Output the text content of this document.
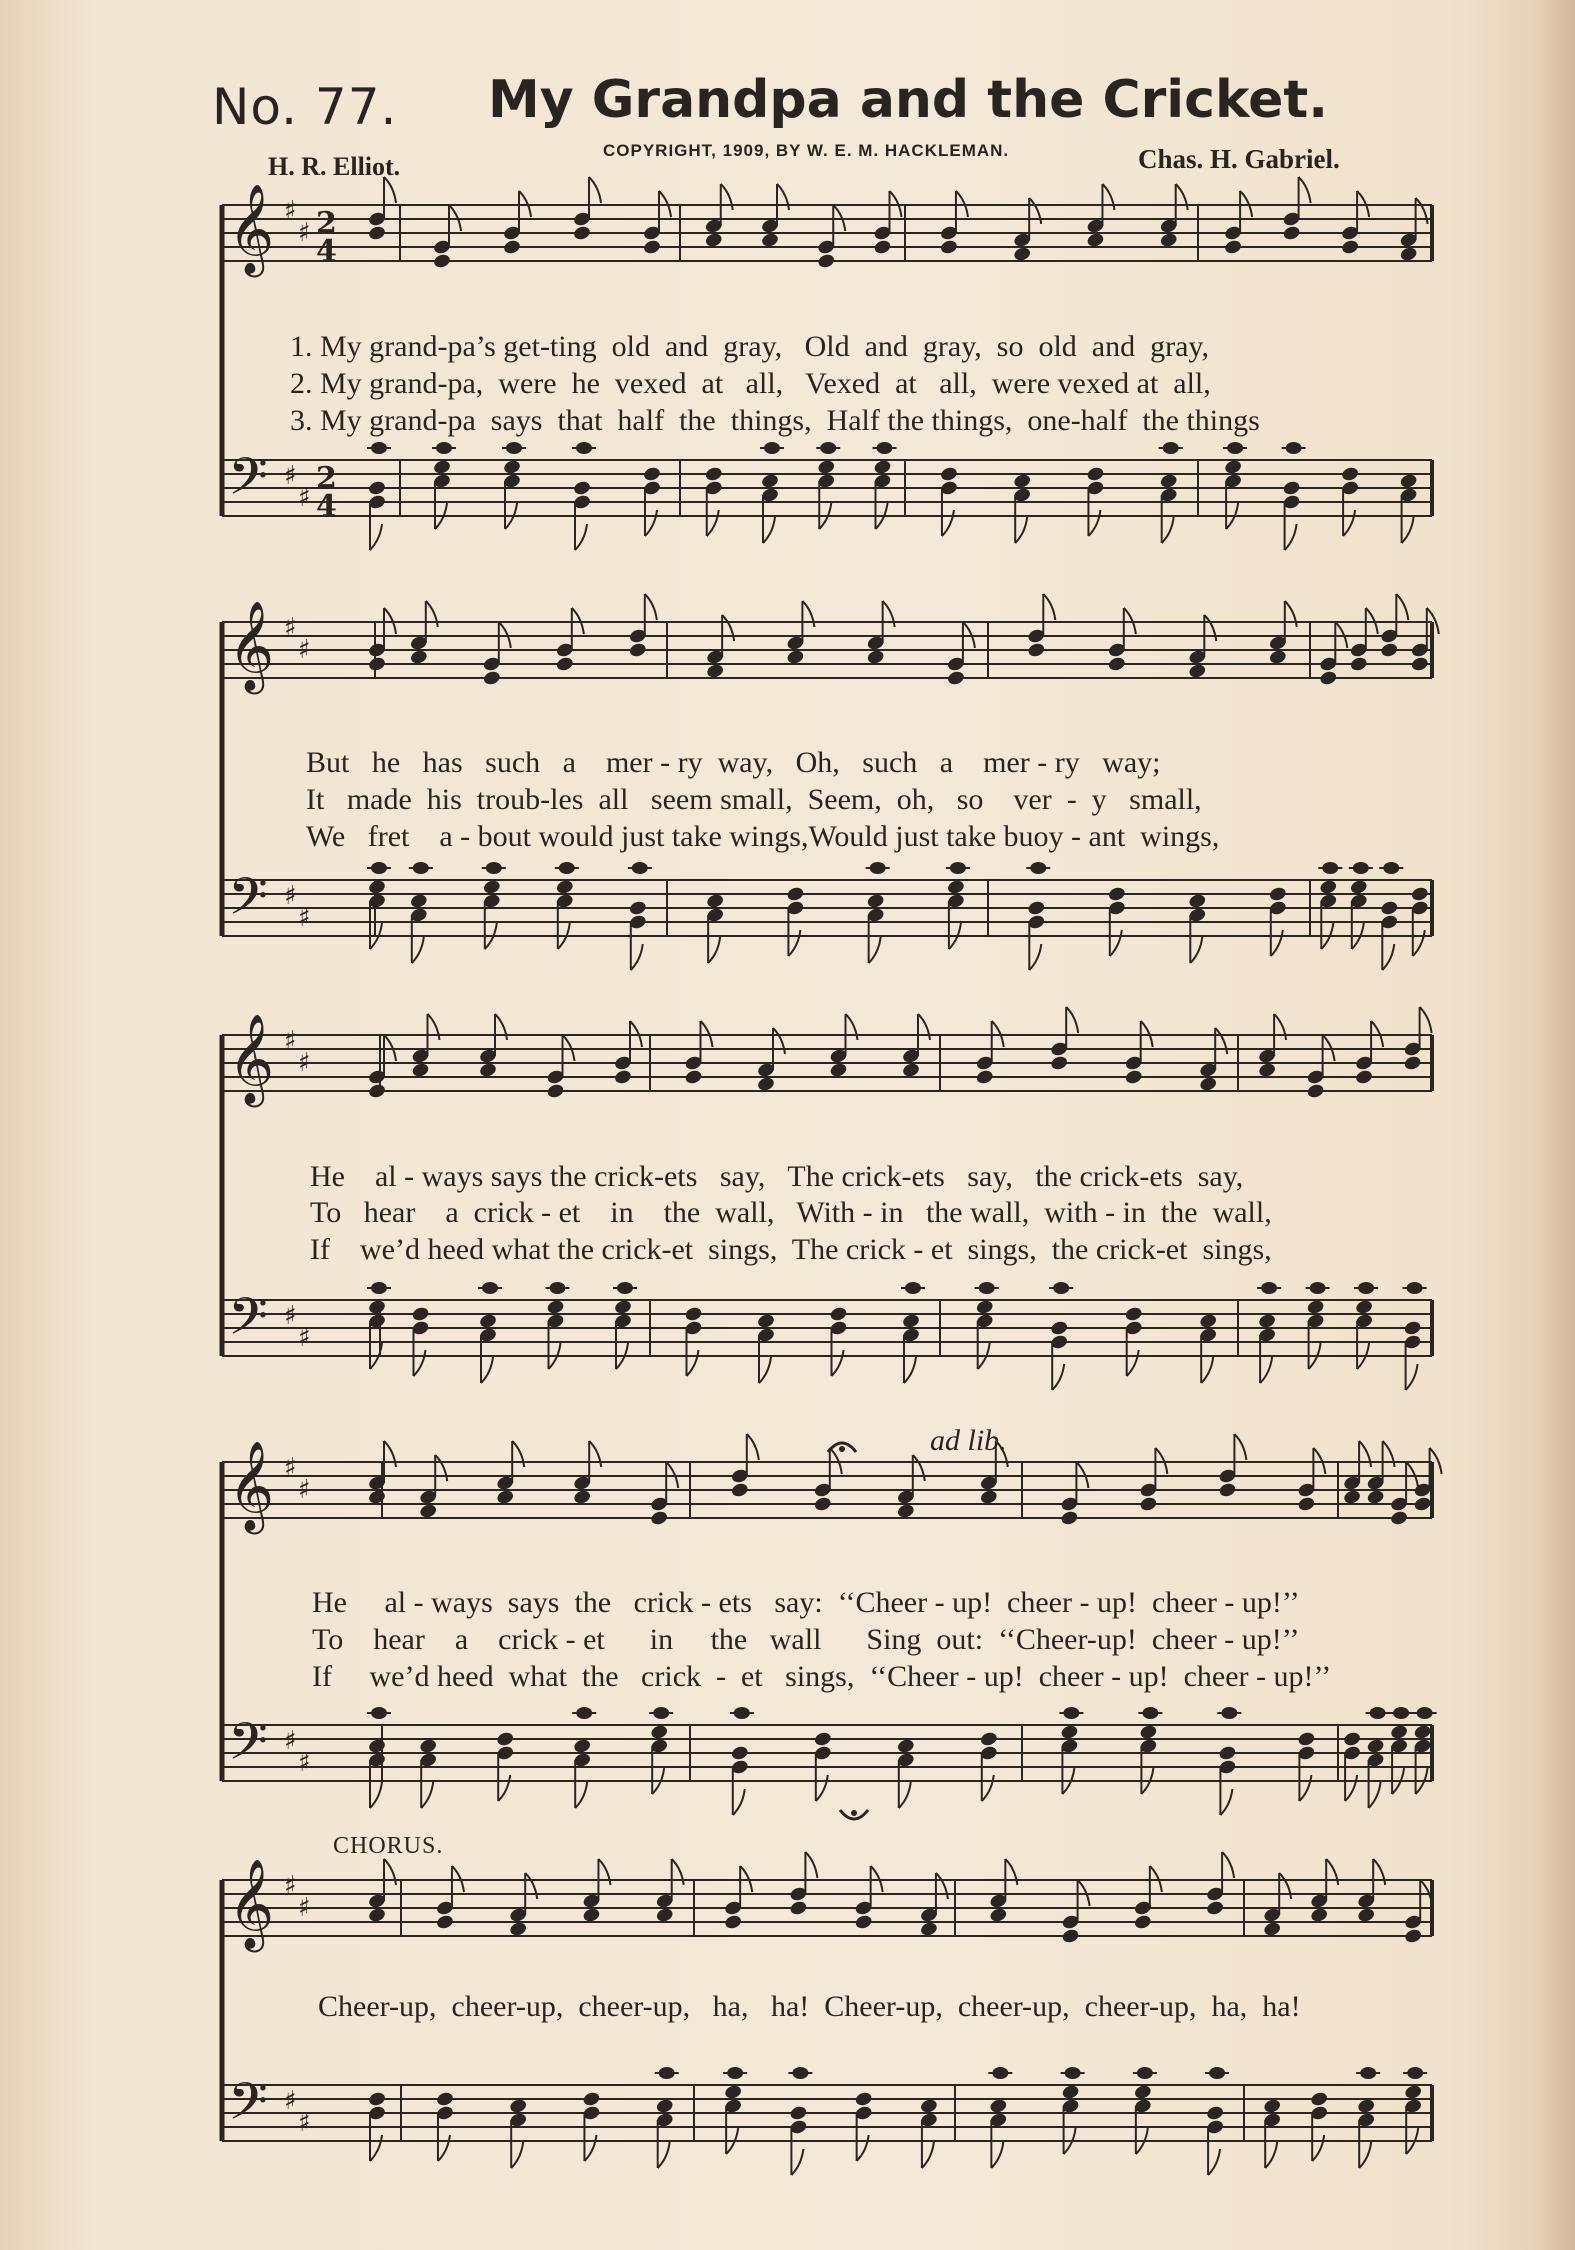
No. 77. My Grandpa and the Cricket.
H. R. Elliot.
COPYRIGHT, 1909, BY W. E. M. HACKLEMAN.	Chas. H. Gabriel.
𝄞
𝄢
♯
♯
♯
♯
2
4
2
4
𝄞
𝄢
♯
♯
♯
♯
𝄞
𝄢
♯
♯
♯
♯
𝄞
𝄢
♯
♯
♯
♯
𝄞
𝄢
♯
♯
♯
♯
1. My grand-pa’s get-ting  old  and  gray,   Old  and  gray,  so  old  and  gray,
2. My grand-pa,  were  he  vexed  at   all,   Vexed  at   all,  were vexed at  all,
3. My grand-pa  says  that  half  the  things,  Half the things,  one-half  the things
But   he   has   such   a    mer - ry  way,   Oh,   such   a    mer - ry   way;
It   made  his  troub-les  all   seem small,  Seem,  oh,   so    ver  -  y   small,
We   fret    a - bout would just take wings,Would just take buoy - ant  wings,
He    al - ways says the crick-ets   say,   The crick-ets   say,   the crick-ets  say,
To   hear    a  crick - et    in    the  wall,   With - in   the wall,  with - in  the  wall,
If    we’d heed what the crick-et  sings,  The crick - et  sings,  the crick-et  sings,
ad lib.
He     al - ways  says  the   crick - ets   say:  ‘‘Cheer - up!  cheer - up!  cheer - up!’’
To    hear    a    crick - et      in     the   wall      Sing  out:  ‘‘Cheer-up!  cheer - up!’’
If     we’d heed  what  the   crick  -  et   sings,  ‘‘Cheer - up!  cheer - up!  cheer - up!’’
CHORUS.
Cheer-up,  cheer-up,  cheer-up,   ha,   ha!  Cheer-up,  cheer-up,  cheer-up,  ha,  ha!
